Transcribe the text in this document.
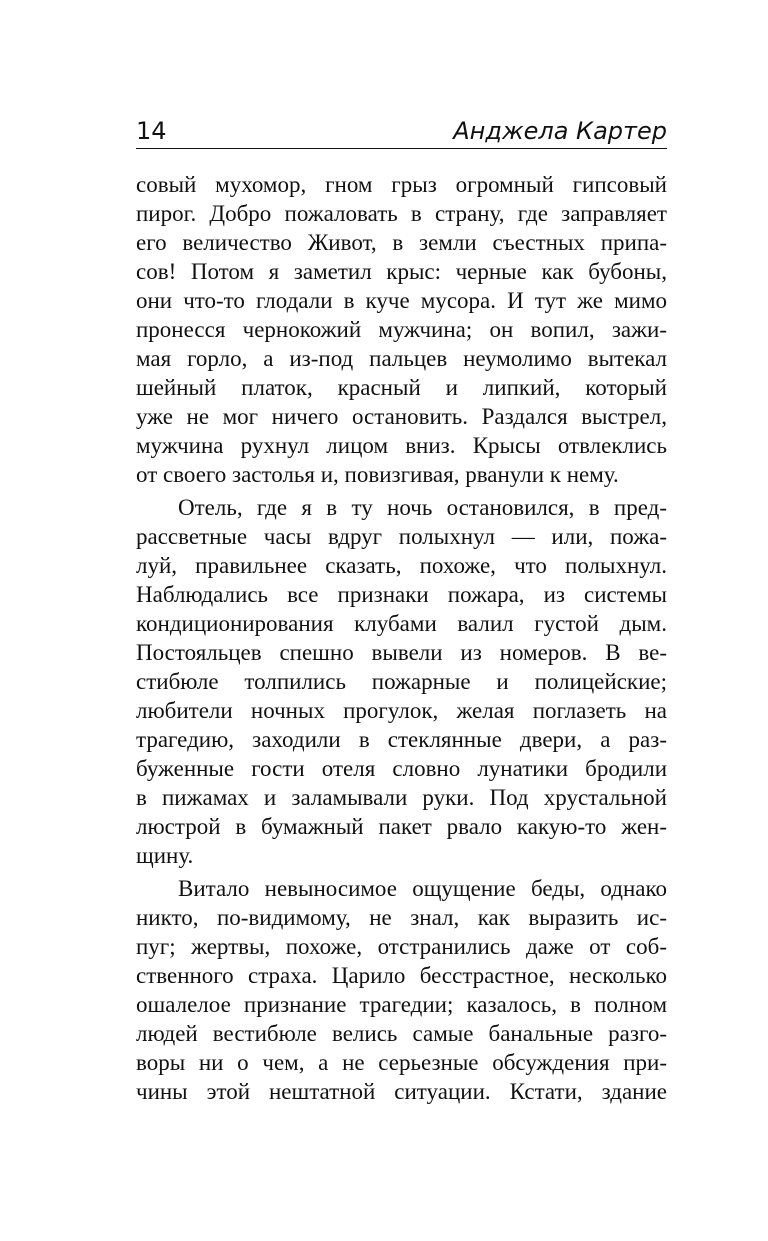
14	Анджела Картер
совый мухомор, гном грыз огромный гипсовый
пирог. Добро пожаловать в страну, где заправляет
его величество Живот, в земли съестных припа-
сов! Потом я заметил крыс: черные как бубоны,
они что-то глодали в куче мусора. И тут же мимо
пронесся чернокожий мужчина; он вопил, зажи-
мая горло, а из-под пальцев неумолимо вытекал
шейный платок, красный и липкий, который
уже не мог ничего остановить. Раздался выстрел,
мужчина рухнул лицом вниз. Крысы отвлеклись
от своего застолья и, повизгивая, рванули к нему.
Отель, где я в ту ночь остановился, в пред-
рассветные часы вдруг полыхнул — или, пожа-
луй, правильнее сказать, похоже, что полыхнул.
Наблюдались все признаки пожара, из системы
кондиционирования клубами валил густой дым.
Постояльцев спешно вывели из номеров. В ве-
стибюле толпились пожарные и полицейские;
любители ночных прогулок, желая поглазеть на
трагедию, заходили в стеклянные двери, а раз-
буженные гости отеля словно лунатики бродили
в пижамах и заламывали руки. Под хрустальной
люстрой в бумажный пакет рвало какую-то жен-
щину.
Витало невыносимое ощущение беды, однако
никто, по-видимому, не знал, как выразить ис-
пуг; жертвы, похоже, отстранились даже от соб-
ственного страха. Царило бесстрастное, несколько
ошалелое признание трагедии; казалось, в полном
людей вестибюле велись самые банальные разго-
воры ни о чем, а не серьезные обсуждения при-
чины этой нештатной ситуации. Кстати, здание
